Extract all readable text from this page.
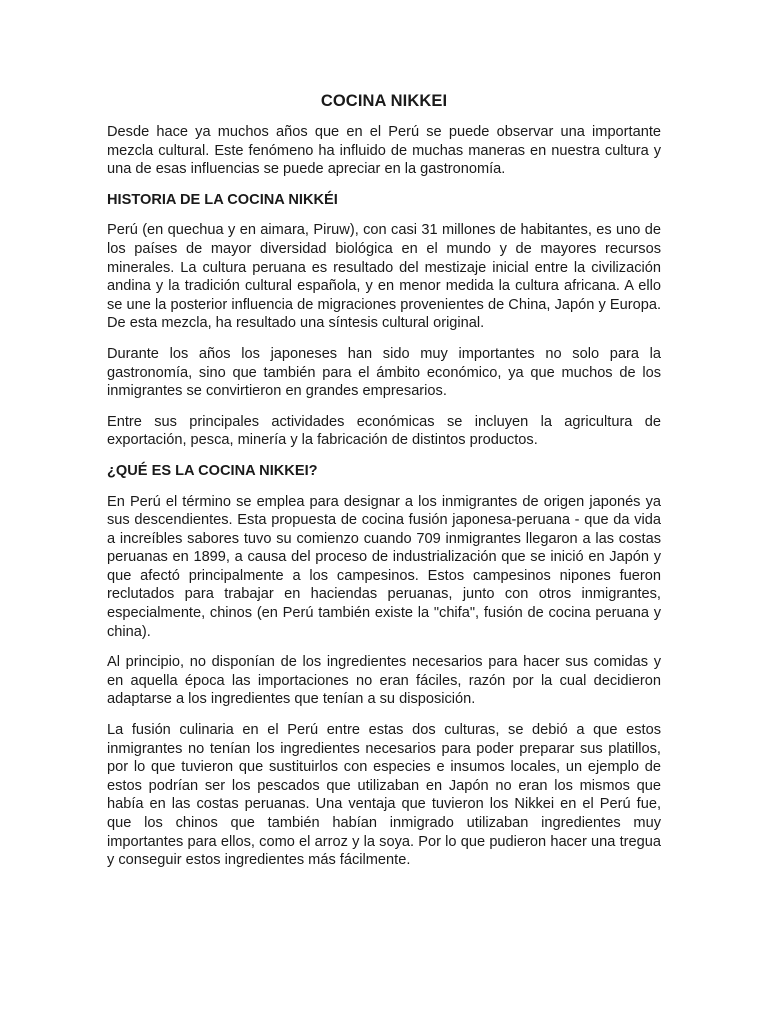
COCINA NIKKEI

Desde hace ya muchos años que en el Perú se puede observar una importante mezcla cultural. Este fenómeno ha influido de muchas maneras en nuestra cultura y una de esas influencias se puede apreciar en la gastronomía.

HISTORIA DE LA COCINA NIKKÉI

Perú (en quechua y en aimara, Piruw), con casi 31 millones de habitantes, es uno de los países de mayor diversidad biológica en el mundo y de mayores recursos minerales. La cultura peruana es resultado del mestizaje inicial entre la civilización andina y la tradición cultural española, y en menor medida la cultura africana. A ello se une la posterior influencia de migraciones provenientes de China, Japón y Europa. De esta mezcla, ha resultado una síntesis cultural original.

Durante los años los japoneses han sido muy importantes no solo para la gastronomía, sino que también para el ámbito económico, ya que muchos de los inmigrantes se convirtieron en grandes empresarios.

Entre sus principales actividades económicas se incluyen la agricultura de exportación, pesca, minería y la fabricación de distintos productos.

¿QUÉ ES LA COCINA NIKKEI?

En Perú el término se emplea para designar a los inmigrantes de origen japonés ya sus descendientes. Esta propuesta de cocina fusión japonesa-peruana - que da vida a increíbles sabores tuvo su comienzo cuando 709 inmigrantes llegaron a las costas peruanas en 1899, a causa del proceso de industrialización que se inició en Japón y que afectó principalmente a los campesinos. Estos campesinos nipones fueron reclutados para trabajar en haciendas peruanas, junto con otros inmigrantes, especialmente, chinos (en Perú también existe la "chifa", fusión de cocina peruana y china).

Al principio, no disponían de los ingredientes necesarios para hacer sus comidas y en aquella época las importaciones no eran fáciles, razón por la cual decidieron adaptarse a los ingredientes que tenían a su disposición.

La fusión culinaria en el Perú entre estas dos culturas, se debió a que estos inmigrantes no tenían los ingredientes necesarios para poder preparar sus platillos, por lo que tuvieron que sustituirlos con especies e insumos locales, un ejemplo de estos podrían ser los pescados que utilizaban en Japón no eran los mismos que había en las costas peruanas. Una ventaja que tuvieron los Nikkei en el Perú fue, que los chinos que también habían inmigrado utilizaban ingredientes muy importantes para ellos, como el arroz y la soya. Por lo que pudieron hacer una tregua y conseguir estos ingredientes más fácilmente.
